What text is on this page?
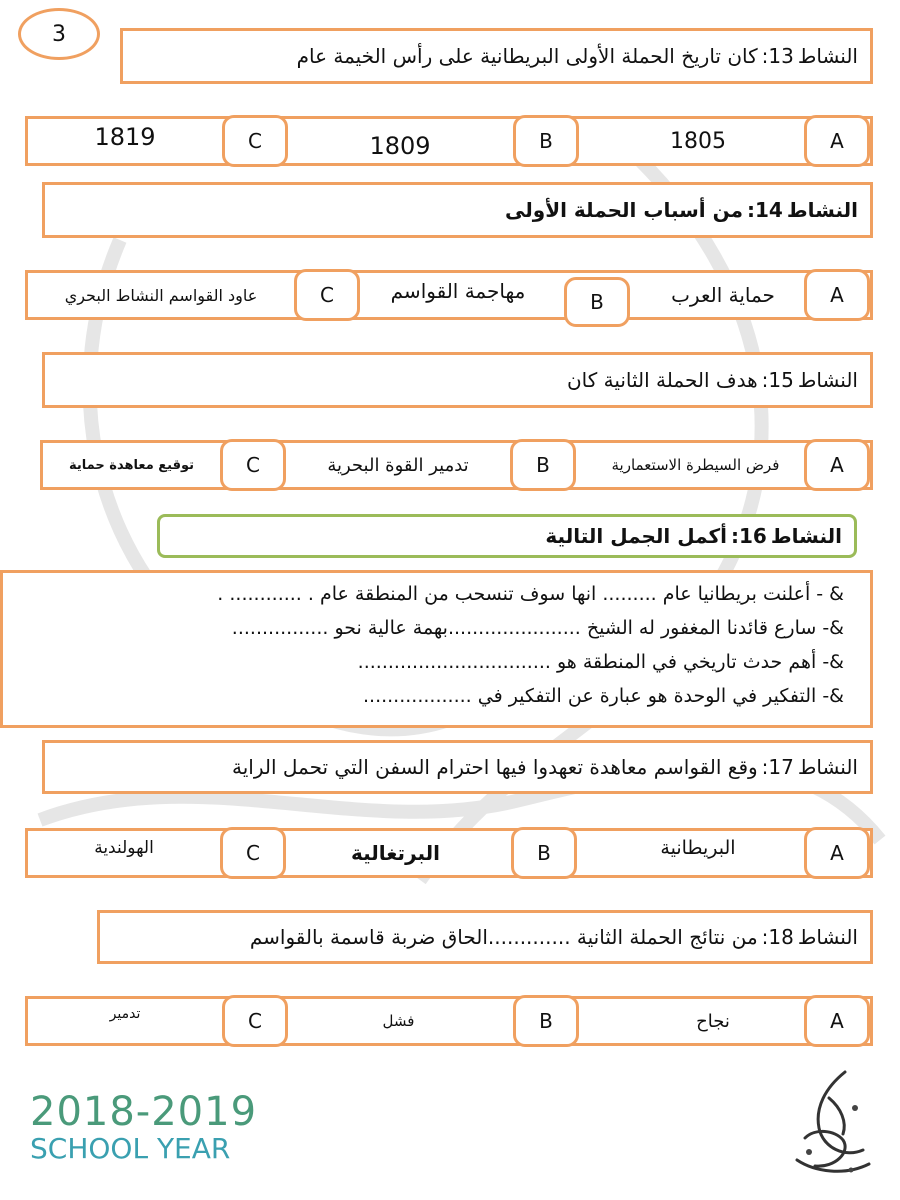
3
النشاط
13:
كان تاريخ الحملة الأولى البريطانية على رأس الخيمة عام
A
1805
B
1809
C
1819
النشاط
14:
من أسباب الحملة الأولى
A
حماية العرب
B
مهاجمة القواسم
C
عاود القواسم النشاط البحري
النشاط
15:
هدف الحملة الثانية كان
A
فرض السيطرة الاستعمارية
B
تدمير القوة البحرية
C
توقيع معاهدة حماية
النشاط
16:
أكمل الجمل التالية
& - أعلنت بريطانيا عام ......... انها سوف تنسحب من المنطقة عام . ............ .
&- سارع قائدنا المغفور له الشيخ ......................بهمة عالية نحو ................
&- أهم حدث تاريخي في المنطقة هو ................................
&- التفكير في الوحدة هو عبارة عن التفكير في ..................
النشاط
17:
وقع القواسم معاهدة تعهدوا فيها احترام السفن التي تحمل الراية
A
البريطانية
B
البرتغالية
C
الهولندية
النشاط
18:
من نتائج الحملة الثانية .............الحاق ضربة قاسمة بالقواسم
A
نجاح
B
فشل
C
تدمير
2018-2019
SCHOOL YEAR
